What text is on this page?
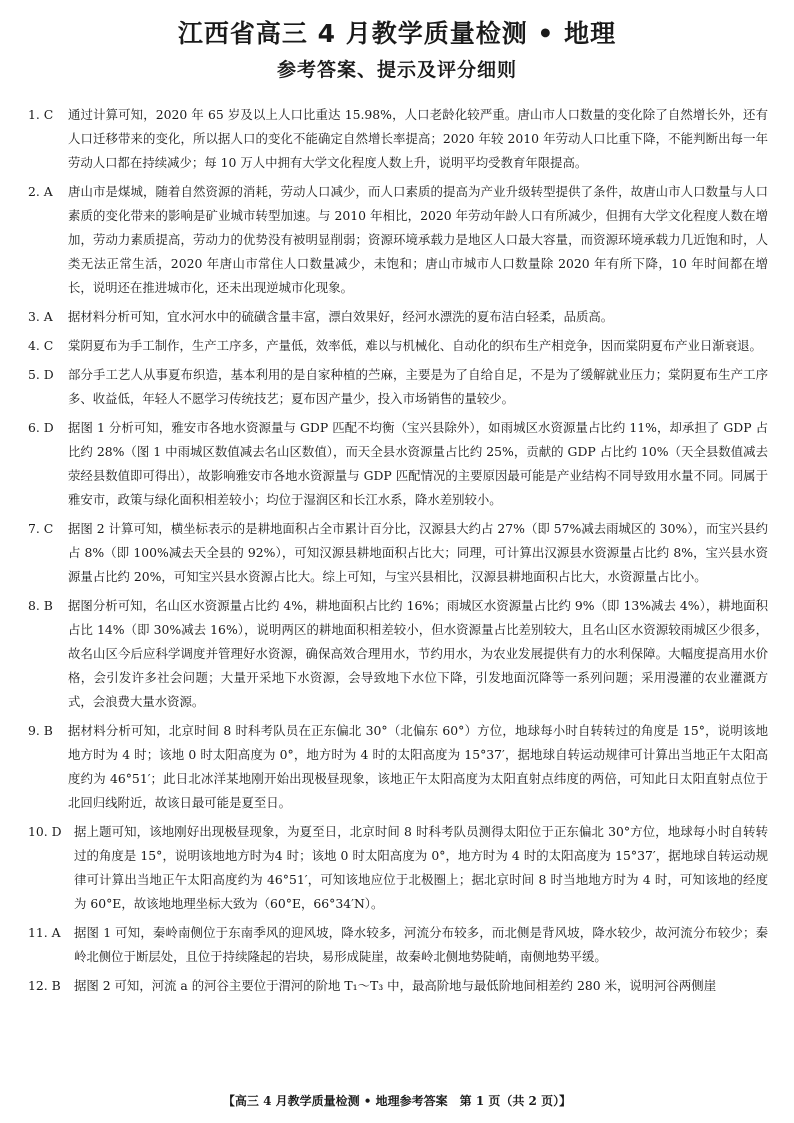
江西省高三 4 月教学质量检测 • 地理
参考答案、提示及评分细则
1. C	通过计算可知，2020 年 65 岁及以上人口比重达 15.98%，人口老龄化较严重。唐山市人口数量的变化除了自然增长外，还有人口迁移带来的变化，所以据人口的变化不能确定自然增长率提高；2020 年较 2010 年劳动人口比重下降，不能判断出每一年劳动人口都在持续减少；每 10 万人中拥有大学文化程度人数上升，说明平均受教育年限提高。
2. A	唐山市是煤城，随着自然资源的消耗，劳动人口减少，而人口素质的提高为产业升级转型提供了条件，故唐山市人口数量与人口素质的变化带来的影响是矿业城市转型加速。与 2010 年相比，2020 年劳动年龄人口有所减少，但拥有大学文化程度人数在增加，劳动力素质提高，劳动力的优势没有被明显削弱；资源环境承载力是地区人口最大容量，而资源环境承载力几近饱和时，人类无法正常生活，2020 年唐山市常住人口数量减少，未饱和；唐山市城市人口数量除 2020 年有所下降，10 年时间都在增长，说明还在推进城市化，还未出现逆城市化现象。
3. A	据材料分析可知，宜水河水中的硫磺含量丰富，漂白效果好，经河水漂洗的夏布洁白轻柔，品质高。
4. C	棠阴夏布为手工制作，生产工序多，产量低，效率低，难以与机械化、自动化的织布生产相竞争，因而棠阴夏布产业日渐衰退。
5. D	部分手工艺人从事夏布织造，基本利用的是自家种植的苎麻，主要是为了自给自足，不是为了缓解就业压力；棠阴夏布生产工序多、收益低，年轻人不愿学习传统技艺；夏布因产量少，投入市场销售的量较少。
6. D	据图 1 分析可知，雅安市各地水资源量与 GDP 匹配不均衡（宝兴县除外），如雨城区水资源量占比约 11%，却承担了 GDP 占比约 28%（图 1 中雨城区数值减去名山区数值），而天全县水资源量占比约 25%，贡献的 GDP 占比约 10%（天全县数值减去荥经县数值即可得出），故影响雅安市各地水资源量与 GDP 匹配情况的主要原因最可能是产业结构不同导致用水量不同。同属于雅安市，政策与绿化面积相差较小；均位于湿润区和长江水系，降水差别较小。
7. C	据图 2 计算可知，横坐标表示的是耕地面积占全市累计百分比，汉源县大约占 27%（即 57%减去雨城区的 30%），而宝兴县约占 8%（即 100%减去天全县的 92%），可知汉源县耕地面积占比大；同理，可计算出汉源县水资源量占比约 8%，宝兴县水资源量占比约 20%，可知宝兴县水资源占比大。综上可知，与宝兴县相比，汉源县耕地面积占比大，水资源量占比小。
8. B	据图分析可知，名山区水资源量占比约 4%，耕地面积占比约 16%；雨城区水资源量占比约 9%（即 13%减去 4%），耕地面积占比 14%（即 30%减去 16%），说明两区的耕地面积相差较小，但水资源量占比差别较大，且名山区水资源较雨城区少很多，故名山区今后应科学调度并管理好水资源，确保高效合理用水，节约用水，为农业发展提供有力的水利保障。大幅度提高用水价格，会引发许多社会问题；大量开采地下水资源，会导致地下水位下降，引发地面沉降等一系列问题；采用漫灌的农业灌溉方式，会浪费大量水资源。
9. B	据材料分析可知，北京时间 8 时科考队员在正东偏北 30°（北偏东 60°）方位，地球每小时自转转过的角度是 15°，说明该地地方时为 4 时；该地 0 时太阳高度为 0°，地方时为 4 时的太阳高度为 15°37′，据地球自转运动规律可计算出当地正午太阳高度约为 46°51′；此日北冰洋某地刚开始出现极昼现象，该地正午太阳高度为太阳直射点纬度的两倍，可知此日太阳直射点位于北回归线附近，故该日最可能是夏至日。
10. D	据上题可知，该地刚好出现极昼现象，为夏至日，北京时间 8 时科考队员测得太阳位于正东偏北 30°方位，地球每小时自转转过的角度是 15°，说明该地地方时为4 时；该地 0 时太阳高度为 0°，地方时为 4 时的太阳高度为 15°37′，据地球自转运动规律可计算出当地正午太阳高度约为 46°51′，可知该地应位于北极圈上；据北京时间 8 时当地地方时为 4 时，可知该地的经度为 60°E，故该地地理坐标大致为（60°E，66°34′N）。
11. A	据图 1 可知，秦岭南侧位于东南季风的迎风坡，降水较多，河流分布较多，而北侧是背风坡，降水较少，故河流分布较少；秦岭北侧位于断层处，且位于持续隆起的岩块，易形成陡崖，故秦岭北侧地势陡峭，南侧地势平缓。
12. B	据图 2 可知，河流 a 的河谷主要位于渭河的阶地 T₁～T₃ 中，最高阶地与最低阶地间相差约 280 米，说明河谷两侧崖
【高三 4 月教学质量检测 • 地理参考答案　第 1 页（共 2 页）】
